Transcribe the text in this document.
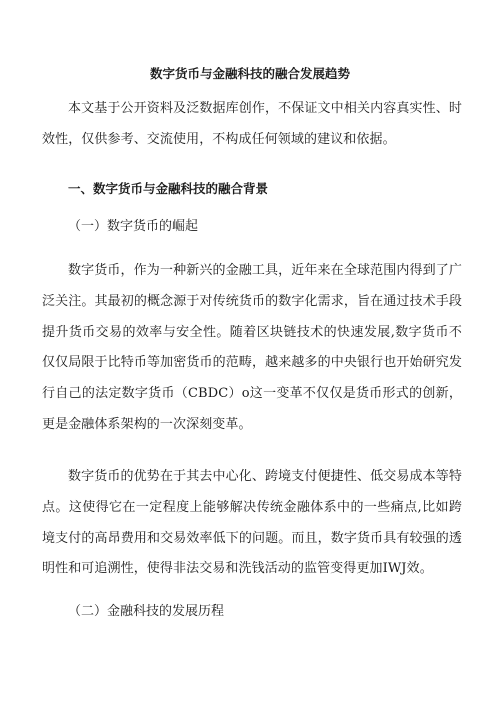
数字货币与金融科技的融合发展趋势
本文基于公开资料及泛数据库创作，不保证文中相关内容真实性、时效性，仅供参考、交流使用，不构成任何领域的建议和依据。
一、数字货币与金融科技的融合背景
（一）数字货币的崛起
数字货币，作为一种新兴的金融工具，近年来在全球范围内得到了广泛关注。其最初的概念源于对传统货币的数字化需求，旨在通过技术手段提升货币交易的效率与安全性。随着区块链技术的快速发展,数字货币不仅仅局限于比特币等加密货币的范畴，越来越多的中央银行也开始研究发行自己的法定数字货币（CBDC）o这一变革不仅仅是货币形式的创新，更是金融体系架构的一次深刻变革。
数字货币的优势在于其去中心化、跨境支付便捷性、低交易成本等特点。这使得它在一定程度上能够解决传统金融体系中的一些痛点,比如跨境支付的高昂费用和交易效率低下的问题。而且，数字货币具有较强的透明性和可追溯性，使得非法交易和洗钱活动的监管变得更加IWJ效。
（二）金融科技的发展历程
